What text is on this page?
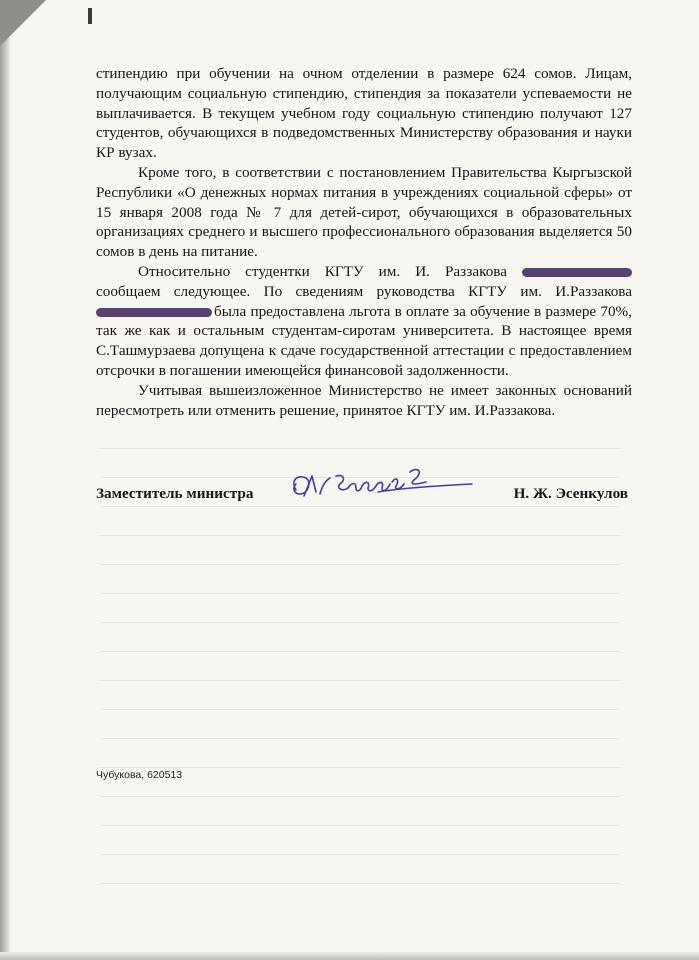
стипендию при обучении на очном отделении в размере 624 сомов. Лицам, получающим социальную стипендию, стипендия за показатели успеваемости не выплачивается. В текущем учебном году социальную стипендию получают 127 студентов, обучающихся в подведомственных Министерству образования и науки КР вузах.

Кроме того, в соответствии с постановлением Правительства Кыргызской Республики «О денежных нормах питания в учреждениях социальной сферы» от 15 января 2008 года № 7 для детей-сирот, обучающихся в образовательных организациях среднего и высшего профессионального образования выделяется 50 сомов в день на питание.

Относительно студентки КГТУ им. И. Раззакова  сообщаем следующее. По сведениям руководства КГТУ им. И.Раззакова была предоставлена льгота в оплате за обучение в размере 70%, так же как и остальным студентам-сиротам университета. В настоящее время С.Ташмурзаева допущена к сдаче государственной аттестации с предоставлением отсрочки в погашении имеющейся финансовой задолженности.

Учитывая вышеизложенное Министерство не имеет законных оснований пересмотреть или отменить решение, принятое КГТУ им. И.Раззакова.

Заместитель министра	Н. Ж. Эсенкулов
Чубукова, 620513
